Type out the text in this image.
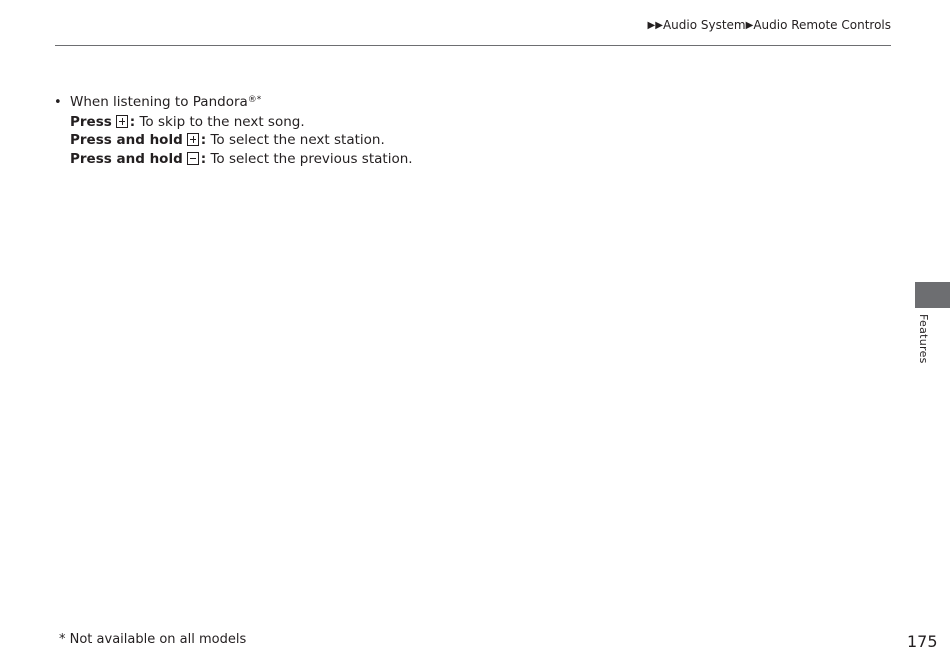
▶ ▶ Audio System ▶ Audio Remote Controls
• When listening to Pandora®*
Press : To skip to the next song.
Press and hold : To select the next station.
Press and hold : To select the previous station.
Features
* Not available on all models	175
